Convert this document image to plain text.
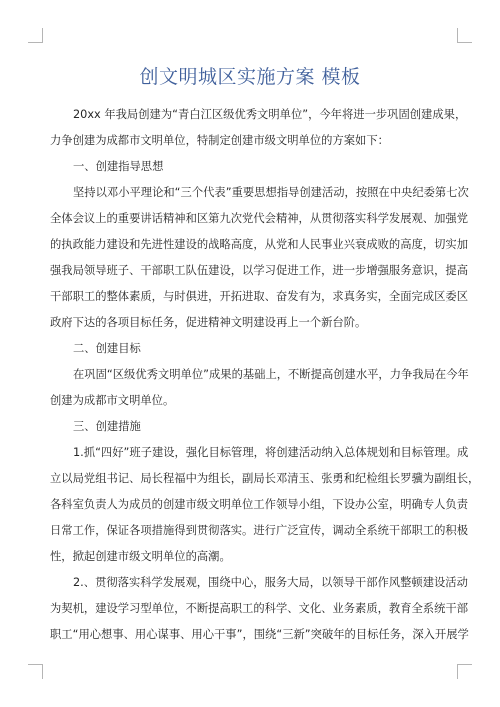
创文明城区实施方案 模板
20xx 年我局创建为“青白江区级优秀文明单位”，今年将进一步巩固创建成果，
力争创建为成都市文明单位，特制定创建市级文明单位的方案如下：
一、创建指导思想
坚持以邓小平理论和“三个代表”重要思想指导创建活动，按照在中央纪委第七次
全体会议上的重要讲话精神和区第九次党代会精神，从贯彻落实科学发展观、加强党
的执政能力建设和先进性建设的战略高度，从党和人民事业兴衰成败的高度，切实加
强我局领导班子、干部职工队伍建设，以学习促进工作，进一步增强服务意识，提高
干部职工的整体素质，与时俱进，开拓进取、奋发有为，求真务实，全面完成区委区
政府下达的各项目标任务，促进精神文明建设再上一个新台阶。
二、创建目标
在巩固“区级优秀文明单位”成果的基础上，不断提高创建水平，力争我局在今年
创建为成都市文明单位。
三、创建措施
1.抓“四好”班子建设，强化目标管理，将创建活动纳入总体规划和目标管理。成
立以局党组书记、局长程福中为组长，副局长邓清玉、张勇和纪检组长罗骥为副组长，
各科室负责人为成员的创建市级文明单位工作领导小组，下设办公室，明确专人负责
日常工作，保证各项措施得到贯彻落实。进行广泛宣传，调动全系统干部职工的积极
性，掀起创建市级文明单位的高潮。
2.、贯彻落实科学发展观，围绕中心，服务大局，以领导干部作风整顿建设活动
为契机，建设学习型单位，不断提高职工的科学、文化、业务素质，教育全系统干部
职工“用心想事、用心谋事、用心干事”，围绕“三新”突破年的目标任务，深入开展学
